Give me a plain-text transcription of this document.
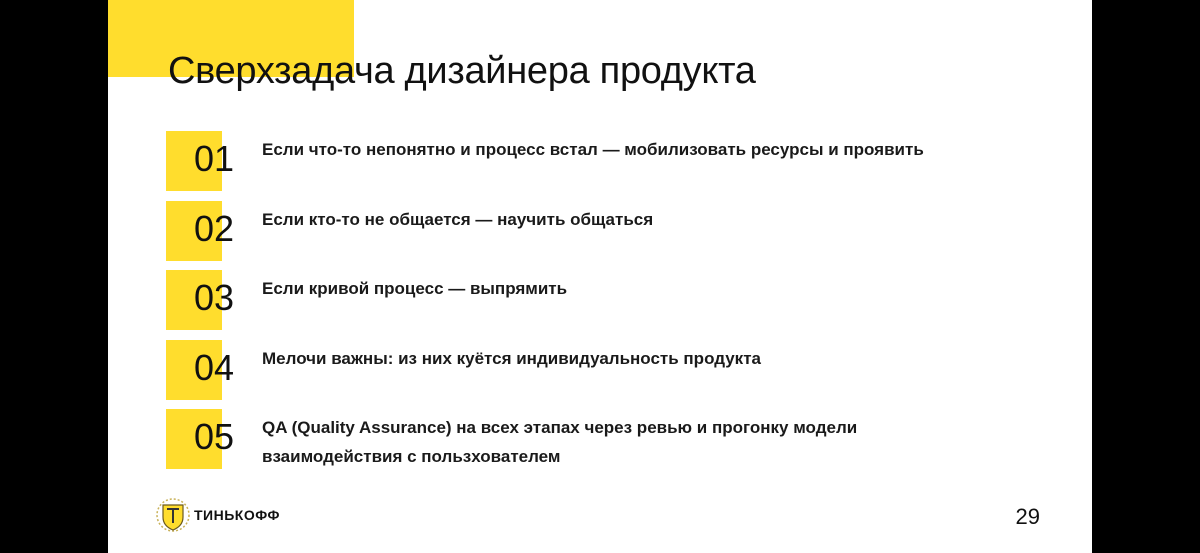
Сверхзадача дизайнера продукта
01 Если что-то непонятно и процесс встал — мобилизовать ресурсы и проявить
02 Если кто-то не общается — научить общаться
03 Если кривой процесс — выпрямить
04 Мелочи важны: из них куётся индивидуальность продукта
05 QA (Quality Assurance) на всех этапах через ревью и прогонку модели взаимодействия с пользхователем
ТИНЬКОФФ	29
